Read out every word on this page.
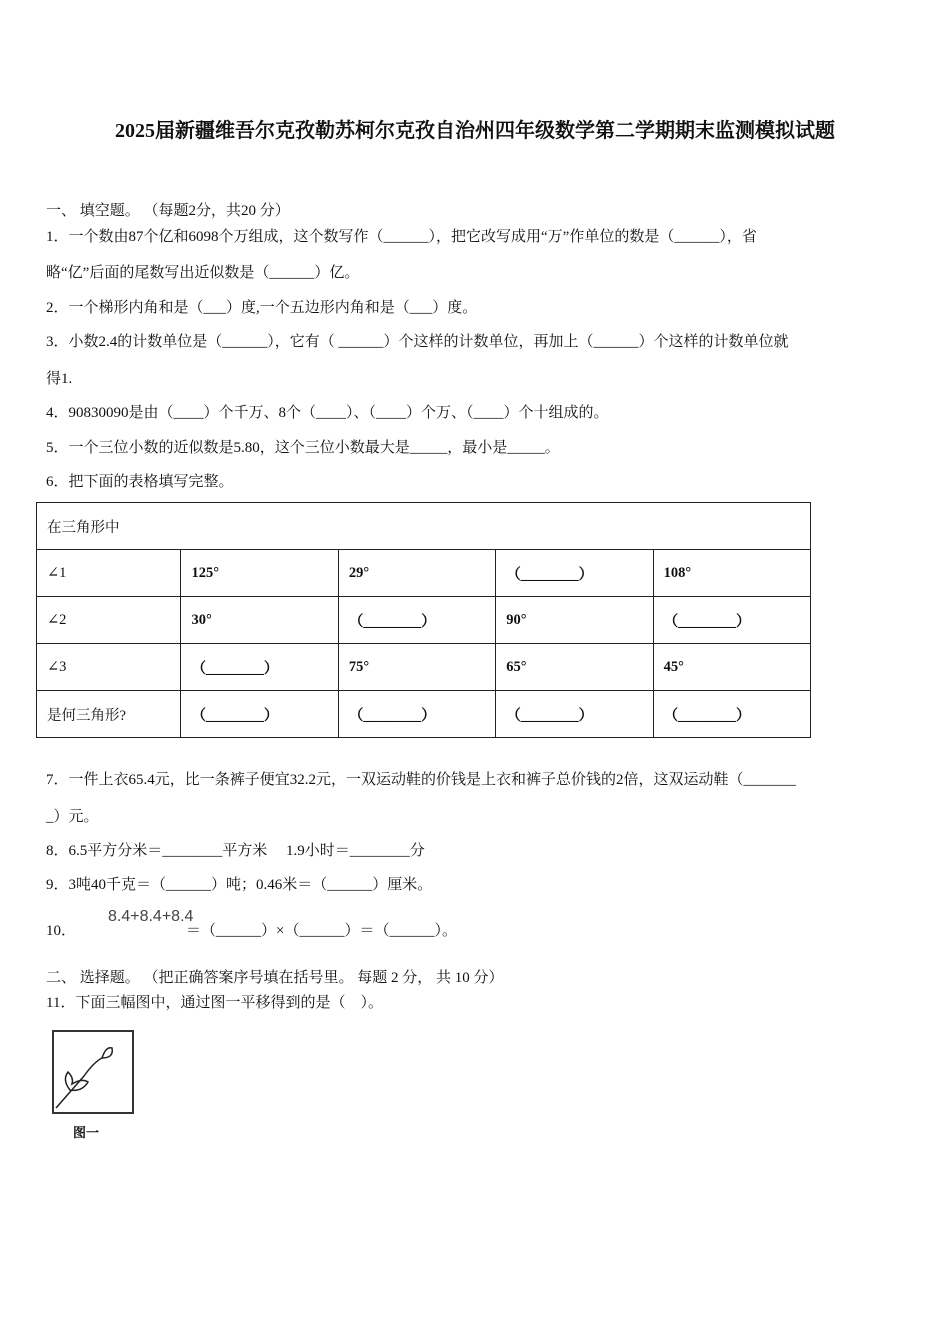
2025届新疆维吾尔克孜勒苏柯尔克孜自治州四年级数学第二学期期末监测模拟试题
一、 填空题。 （每题2分，共20 分）
1．一个数由87个亿和6098个万组成，这个数写作（______），把它改写成用“万”作单位的数是（______），省
略“亿”后面的尾数写出近似数是（______）亿。
2．一个梯形内角和是（___）度,一个五边形内角和是（___）度。
3．小数2.4的计数单位是（______），它有（ ______）个这样的计数单位，再加上（______）个这样的计数单位就
得1.
4．90830090是由（____）个千万、8个（____）、（____）个万、（____）个十组成的。
5．一个三位小数的近似数是5.80，这个三位小数最大是_____，最小是_____。
6．把下面的表格填写完整。
在三角形中				
∠1	125°	29°	（________）	108°
∠2	30°	（________）	90°	（________）
∠3	（________）	75°	65°	45°
是何三角形?	（________）	（________）	（________）	（________）
7．一件上衣65.4元，比一条裤子便宜32.2元，一双运动鞋的价钱是上衣和裤子总价钱的2倍，这双运动鞋（_______
_）元。
8．6.5平方分米＝________平方米　 1.9小时＝________分
9．3吨40千克＝（______）吨；0.46米＝（______）厘米。
10．
8.4+8.4+8.4
＝（______）×（______）＝（______）。
二、 选择题。 （把正确答案序号填在括号里。 每题 2 分， 共 10 分）
11．下面三幅图中，通过图一平移得到的是（　）。
图一
